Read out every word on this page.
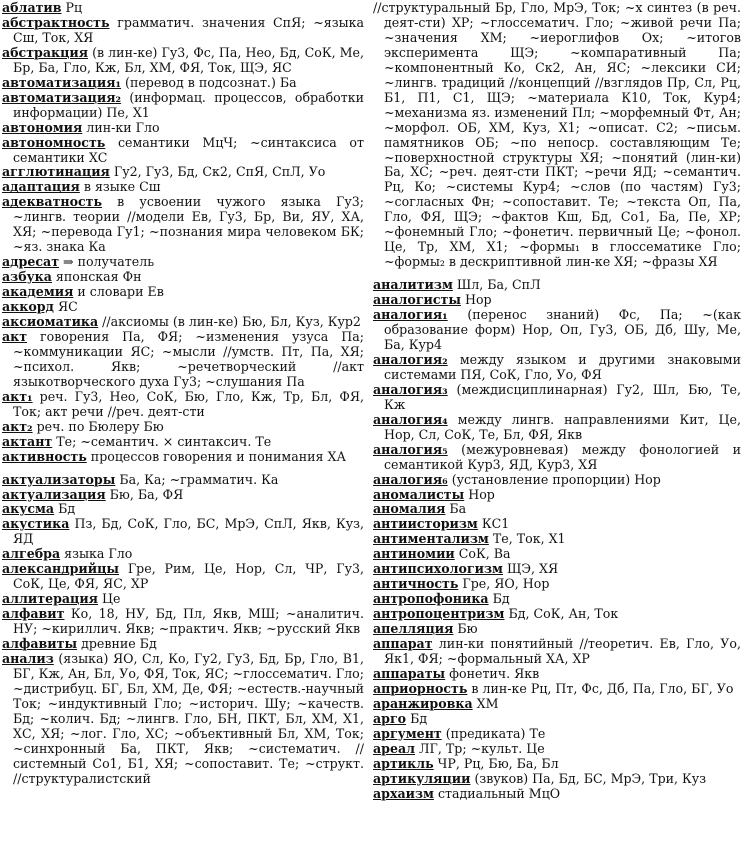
аблатив Рц

абстрактность грамматич. значения СпЯ; ~языка Сш, Ток, ХЯ

абстракция (в лин-ке) Гу3, Фс, Па, Нео, Бд, СоК, Ме, Бр, Ба, Гло, Кж, Бл, ХМ, ФЯ, Ток, ЩЭ, ЯС

автоматизация₁ (перевод в подсознат.) Ба

автоматизация₂ (информац. процессов, обработки информации) Пе, Х1

автономия лин-ки Гло

автономность семантики МцЧ; ~синтаксиса от семантики ХС

агглютинация Гу2, Гу3, Бд, Ск2, СпЯ, СпЛ, Уо

адаптация в языке Сш

адекватность в усвоении чужого языка Гу3; ~лингв. теории //модели Ев, Гу3, Бр, Ви, ЯУ, ХА, ХЯ; ~перевода Гу1; ~познания мира человеком БК; ~яз. знака Ка

адресат ⇒ получатель

азбука японская Фн

академия и словари Ев

аккорд ЯС

аксиоматика //аксиомы (в лин-ке) Бю, Бл, Куз, Кур2

акт говорения Па, ФЯ; ~изменения узуса Па; ~коммуникации ЯС; ~мысли //умств. Пт, Па, ХЯ; ~психол. Якв; ~речетворческий //акт языкотворческого духа Гу3; ~слушания Па

акт₁ реч. Гу3, Нео, СоК, Бю, Гло, Кж, Тр, Бл, ФЯ, Ток; акт речи //реч. деят-сти

акт₂ реч. по Бюлеру Бю

актант Те; ~семантич. × синтаксич. Те

активность процессов говорения и понимания ХА

актуализаторы Ба, Ка; ~грамматич. Ка

актуализация Бю, Ба, ФЯ

акусма Бд

акустика Пз, Бд, СоК, Гло, БС, МрЭ, СпЛ, Якв, Куз, ЯД

алгебра языка Гло

александрийцы Гре, Рим, Це, Нор, Сл, ЧР, Гу3, СоК, Це, ФЯ, ЯС, ХР

аллитерация Це

алфавит Ко, 18, НУ, Бд, Пл, Якв, МШ; ~аналитич. НУ; ~кириллич. Якв; ~практич. Якв; ~русский Якв

алфавиты древние Бд

анализ (языка) ЯО, Сл, Ко, Гу2, Гу3, Бд, Бр, Гло, В1, БГ, Кж, Ан, Бл, Уо, ФЯ, Ток, ЯС; ~глоссематич. Гло; ~дистрибуц. БГ, Бл, ХМ, Де, ФЯ; ~естеств.-научный Ток; ~индуктивный Гло; ~историч. Шу; ~качеств. Бд; ~колич. Бд; ~лингв. Гло, БН, ПКТ, Бл, ХМ, Х1, ХС, ХЯ; ~лог. Гло, ХС; ~объективный Бл, ХМ, Ток; ~синхронный Ба, ПКТ, Якв; ~систематич. //системный Со1, Б1, ХЯ; ~сопоставит. Те; ~структ. //структуралистский

//структуральный Бр, Гло, МрЭ, Ток; ~х синтез (в реч. деят-сти) ХР; ~глоссематич. Гло; ~живой речи Па; ~значения ХМ; ~иероглифов Ох; ~итогов эксперимента ЩЭ; ~компаративный Па; ~компонентный Ко, Ск2, Ан, ЯС; ~лексики СИ; ~лингв. традиций //концепций //взглядов Пр, Сл, Рц, Б1, П1, С1, ЩЭ; ~материала К10, Ток, Кур4; ~механизма яз. изменений Пл; ~морфемный Фт, Ан; ~морфол. ОБ, ХМ, Куз, Х1; ~описат. С2; ~письм. памятников ОБ; ~по непоср. составляющим Те; ~поверхностной структуры ХЯ; ~понятий (лин-ки) Ба, ХС; ~реч. деят-сти ПКТ; ~речи ЯД; ~семантич. Рц, Ко; ~системы Кур4; ~слов (по частям) Гу3; ~согласных Фн; ~сопоставит. Те; ~текста Оп, Па, Гло, ФЯ, ЩЭ; ~фактов Кш, Бд, Со1, Ба, Пе, ХР; ~фонемный Гло; ~фонетич. первичный Це; ~фонол. Це, Тр, ХМ, Х1; ~формы₁ в глоссематике Гло; ~формы₂ в дескриптивной лин-ке ХЯ; ~фразы ХЯ

аналитизм Шл, Ба, СпЛ

аналогисты Нор

аналогия₁ (перенос знаний) Фс, Па; ~(как образование форм) Нор, Оп, Гу3, ОБ, Дб, Шу, Ме, Ба, Кур4

аналогия₂ между языком и другими знаковыми системами ПЯ, СоК, Гло, Уо, ФЯ

аналогия₃ (междисциплинарная) Гу2, Шл, Бю, Те, Кж

аналогия₄ между лингв. направлениями Кит, Це, Нор, Сл, СоК, Те, Бл, ФЯ, Якв

аналогия₅ (межуровневая) между фонологией и семантикой Кур3, ЯД, Кур3, ХЯ

аналогия₆ (установление пропорции) Нор

аномалисты Нор

аномалия Ба

антиисторизм КС1

антиментализм Те, Ток, Х1

антиномии СоК, Ва

антипсихологизм ЩЭ, ХЯ

античность Гре, ЯО, Нор

антропофоника Бд

антропоцентризм Бд, СоК, Ан, Ток

апелляция Бю

аппарат лин-ки понятийный //теоретич. Ев, Гло, Уо, Як1, ФЯ; ~формальный ХА, ХР

аппараты фонетич. Якв

априорность в лин-ке Рц, Пт, Фс, Дб, Па, Гло, БГ, Уо

аранжировка ХМ

арго Бд

аргумент (предиката) Те

ареал ЛГ, Тр; ~культ. Це

артикль ЧР, Рц, Бю, Ба, Бл

артикуляции (звуков) Па, Бд, БС, МрЭ, Три, Куз

архаизм стадиальный МцО
